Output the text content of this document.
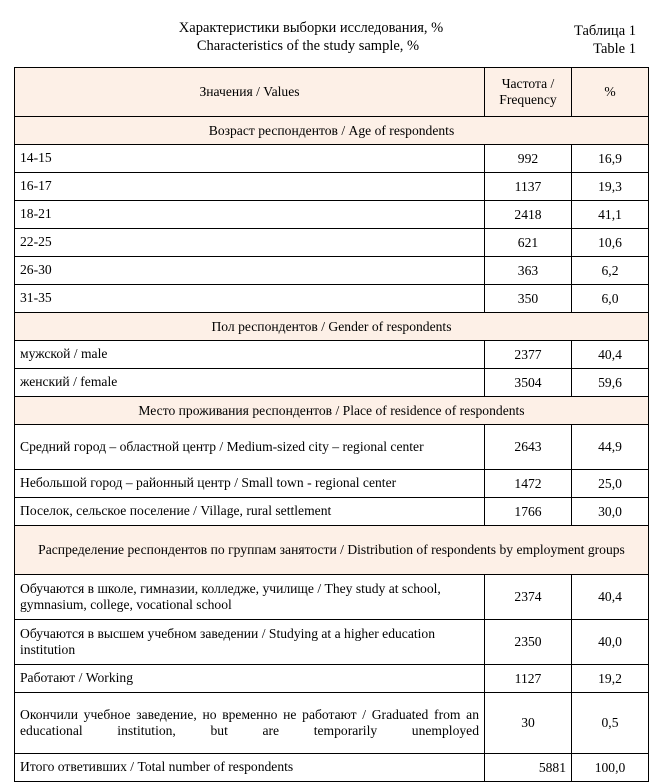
Таблица 1
Характеристики выборки исследования, %
Table 1
Characteristics of the study sample, %
Значения / Values	Частота / Frequency	%
Возраст респондентов / Age of respondents		
14-15	992	16,9
16-17	1137	19,3
18-21	2418	41,1
22-25	621	10,6
26-30	363	6,2
31-35	350	6,0
Пол респондентов / Gender of respondents		
мужской / male	2377	40,4
женский / female	3504	59,6
Место проживания респондентов / Place of residence of respondents		
Средний город – областной центр / Medium-sized city – regional center	2643	44,9
Небольшой город – районный центр / Small town - regional center	1472	25,0
Поселок, сельское поселение / Village, rural settlement	1766	30,0
Распределение респондентов по группам занятости / Distribution of respondents by employment groups		
Обучаются в школе, гимназии, колледже, училище / They study at school, gymnasium, college, vocational school	2374	40,4
Обучаются в высшем учебном заведении / Studying at a higher education institution	2350	40,0
Работают / Working	1127	19,2
Окончили учебное заведение, но временно не работают / Graduated from an educational institution, but are temporarily unemployed	30	0,5
Итого ответивших / Total number of respondents	5881	100,0
